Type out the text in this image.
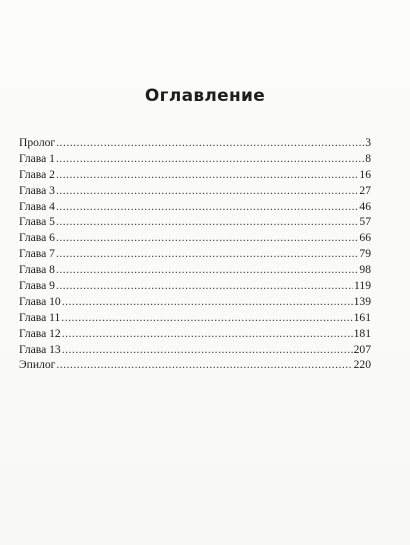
Оглавление
Пролог .....	3
Глава 1 .....	8
Глава 2 .....	16
Глава 3 .....	27
Глава 4 .....	46
Глава 5 .....	57
Глава 6 .....	66
Глава 7 .....	79
Глава 8 .....	98
Глава 9 .....	119
Глава 10 .....	139
Глава 11 .....	161
Глава 12 .....	181
Глава 13 .....	207
Эпилог .....	220
